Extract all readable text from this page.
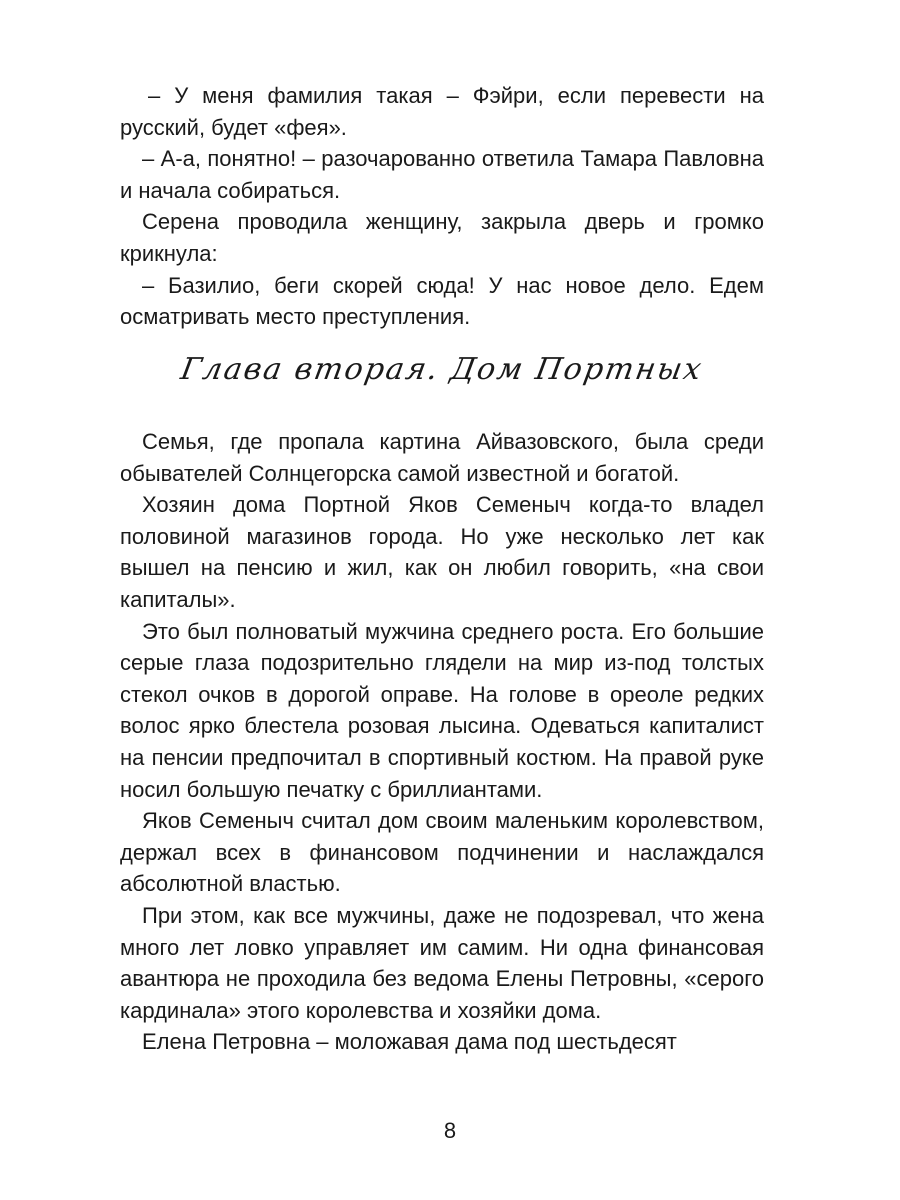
– У меня фамилия такая – Фэйри, если перевести на русский, будет «фея».

– А-а, понятно! – разочарованно ответила Тамара Павловна и начала собираться.

Серена проводила женщину, закрыла дверь и громко крикнула:

– Базилио, беги скорей сюда! У нас новое дело. Едем осматривать место преступления.

Глава вторая. Дом Портных

Семья, где пропала картина Айвазовского, была среди обывателей Солнцегорска самой известной и богатой.

Хозяин дома Портной Яков Семеныч когда-то владел половиной магазинов города. Но уже несколько лет как вышел на пенсию и жил, как он любил говорить, «на свои капиталы».

Это был полноватый мужчина среднего роста. Его большие серые глаза подозрительно глядели на мир из-под толстых стекол очков в дорогой оправе. На голове в ореоле редких волос ярко блестела розовая лысина. Одеваться капиталист на пенсии предпочитал в спортивный костюм. На правой руке носил большую печатку с бриллиантами.

Яков Семеныч считал дом своим маленьким королевством, держал всех в финансовом подчинении и наслаждался абсолютной властью.

При этом, как все мужчины, даже не подозревал, что жена много лет ловко управляет им самим. Ни одна финансовая авантюра не проходила без ведома Елены Петровны, «серого кардинала» этого королевства и хозяйки дома.

Елена Петровна – моложавая дама под шестьдесят

8
